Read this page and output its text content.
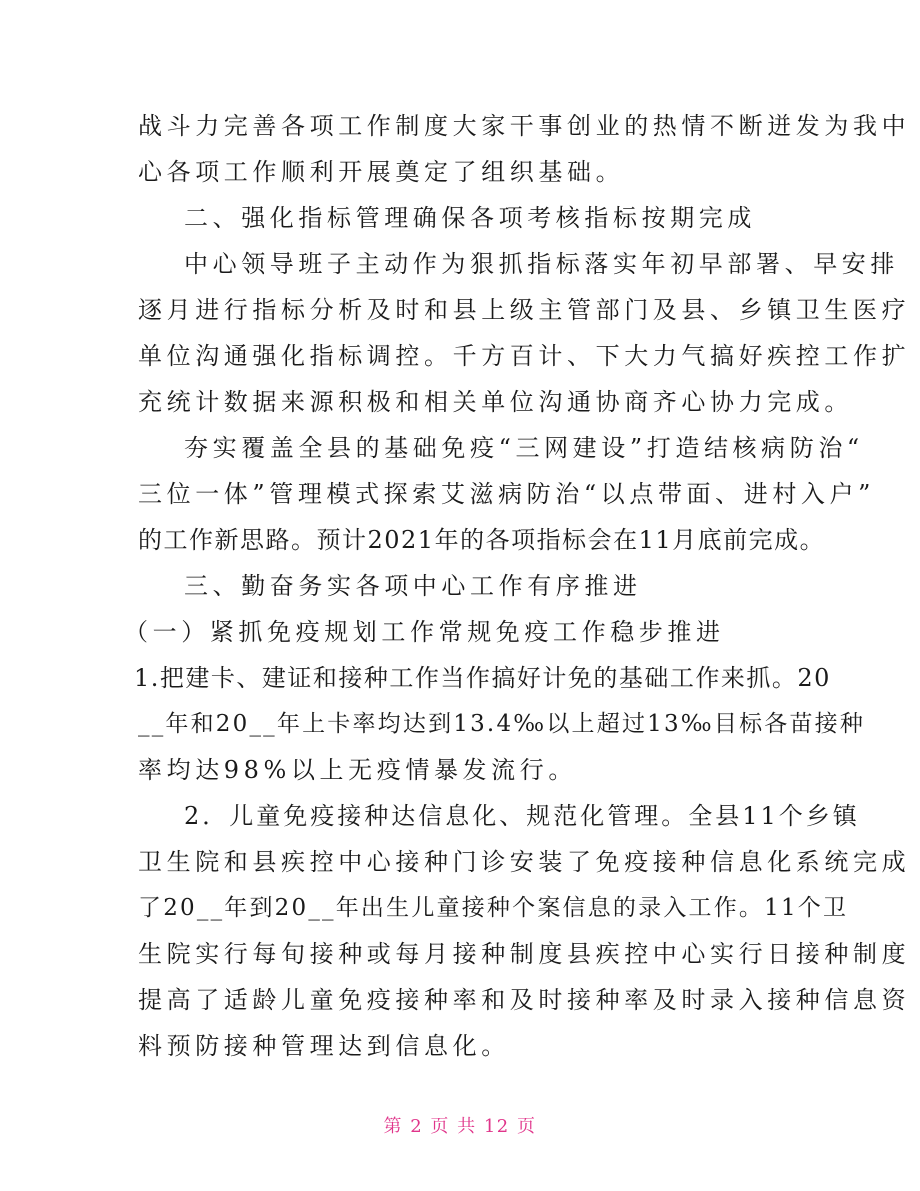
战斗力完善各项工作制度大家干事创业的热情不断迸发为我中
心各项工作顺利开展奠定了组织基础。
二、强化指标管理确保各项考核指标按期完成
中心领导班子主动作为狠抓指标落实年初早部署、早安排
逐月进行指标分析及时和县上级主管部门及县、乡镇卫生医疗
单位沟通强化指标调控。千方百计、下大力气搞好疾控工作扩
充统计数据来源积极和相关单位沟通协商齐心协力完成。
夯实覆盖全县的基础免疫“三网建设”打造结核病防治“
三位一体”管理模式探索艾滋病防治“以点带面、进村入户”
的工作新思路。预计2021年的各项指标会在11月底前完成。
三、勤奋务实各项中心工作有序推进
（一）紧抓免疫规划工作常规免疫工作稳步推进
1.把建卡、建证和接种工作当作搞好计免的基础工作来抓。20
__年和20__年上卡率均达到13.4‰以上超过13‰目标各苗接种
率均达98%以上无疫情暴发流行。
2．儿童免疫接种达信息化、规范化管理。全县11个乡镇
卫生院和县疾控中心接种门诊安装了免疫接种信息化系统完成
了20__年到20__年出生儿童接种个案信息的录入工作。11个卫
生院实行每旬接种或每月接种制度县疾控中心实行日接种制度
提高了适龄儿童免疫接种率和及时接种率及时录入接种信息资
料预防接种管理达到信息化。
第 2 页 共 12 页
